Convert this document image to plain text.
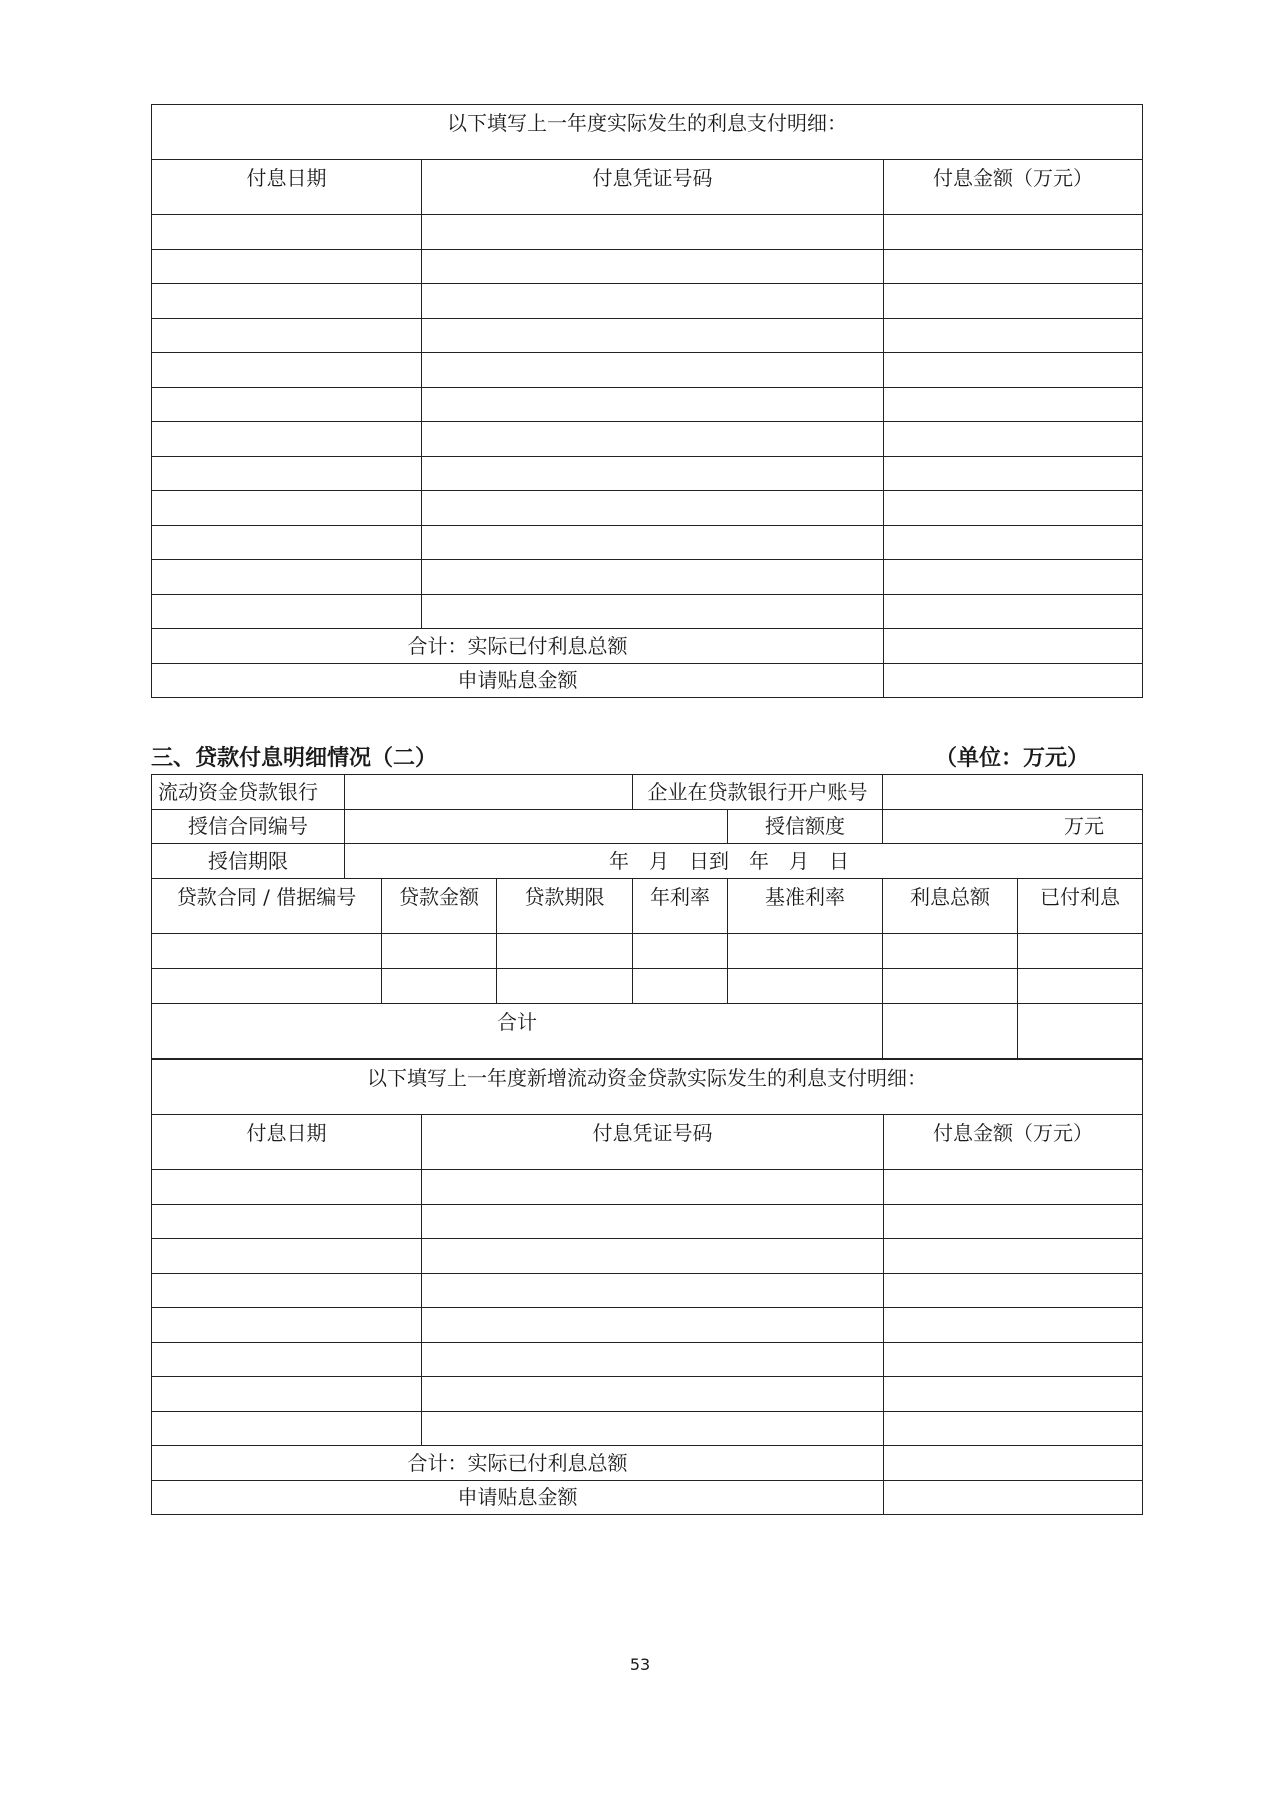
以下填写上一年度实际发生的利息支付明细：		
付息日期	付息凭证号码	付息金额（万元）

合计：实际已付利息总额		
申请贴息金额		
三、贷款付息明细情况（二）	（单位：万元）
流动资金贷款银行				企业在贷款银行开户账号			
授信合同编号					授信额度	万元	
授信期限	年　月　日到　年　月　日						
贷款合同 / 借据编号		贷款金额	贷款期限	年利率	基准利率	利息总额	已付利息

合计							
以下填写上一年度新增流动资金贷款实际发生的利息支付明细：		
付息日期	付息凭证号码	付息金额（万元）

合计：实际已付利息总额		
申请贴息金额		
53
